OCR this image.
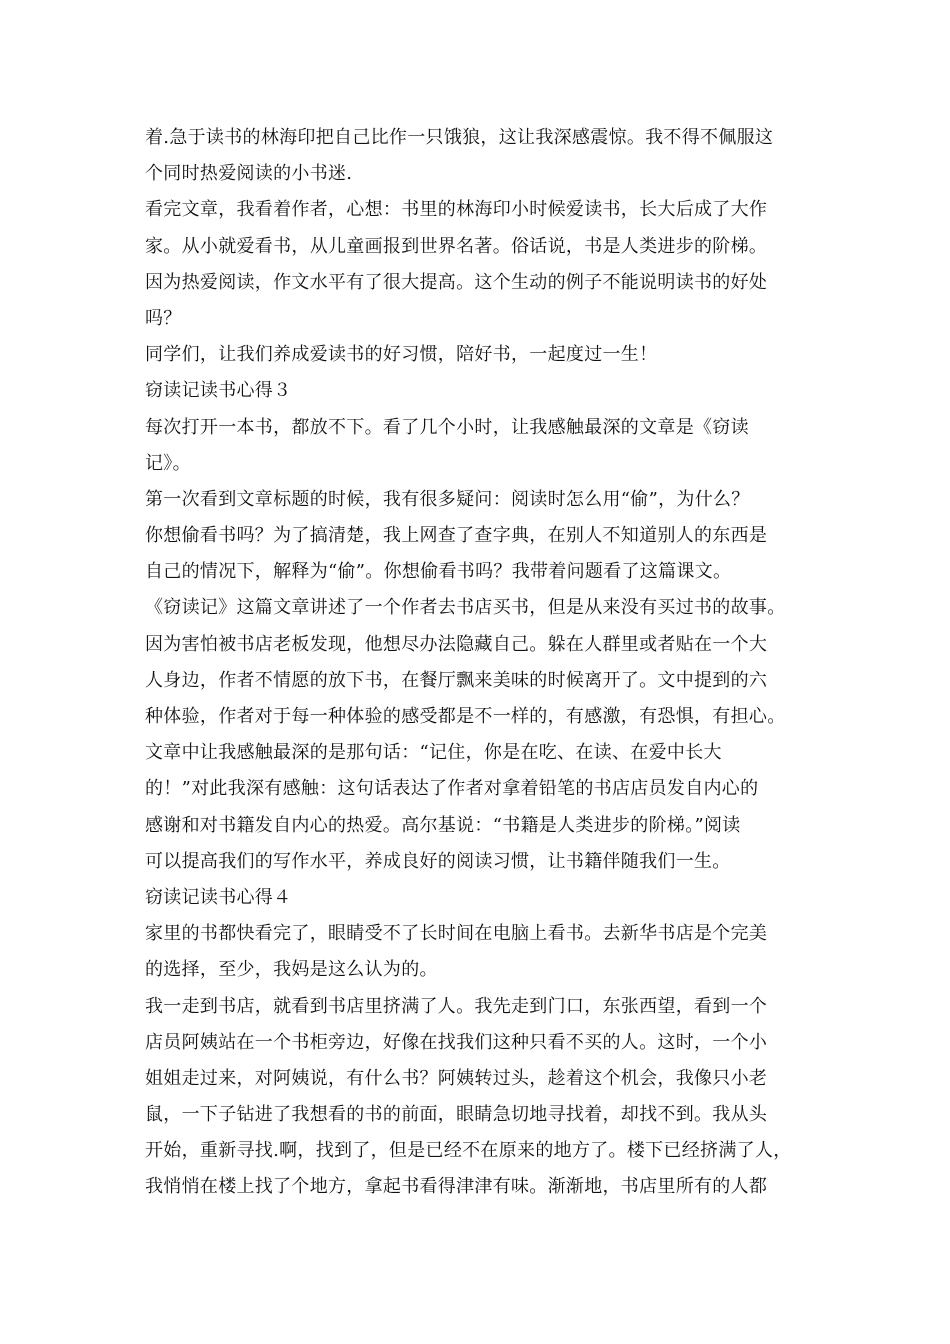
着.急于读书的林海印把自己比作一只饿狼，这让我深感震惊。我不得不佩服这
个同时热爱阅读的小书迷.
看完文章，我看着作者，心想：书里的林海印小时候爱读书，长大后成了大作
家。从小就爱看书，从儿童画报到世界名著。俗话说，书是人类进步的阶梯。
因为热爱阅读，作文水平有了很大提高。这个生动的例子不能说明读书的好处
吗？
同学们，让我们养成爱读书的好习惯，陪好书，一起度过一生！
窃读记读书心得３
每次打开一本书，都放不下。看了几个小时，让我感触最深的文章是《窃读
记》。
第一次看到文章标题的时候，我有很多疑问：阅读时怎么用“偷”，为什么？
你想偷看书吗？为了搞清楚，我上网查了查字典，在别人不知道别人的东西是
自己的情况下，解释为“偷”。你想偷看书吗？我带着问题看了这篇课文。
《窃读记》这篇文章讲述了一个作者去书店买书，但是从来没有买过书的故事。
因为害怕被书店老板发现，他想尽办法隐藏自己。躲在人群里或者贴在一个大
人身边，作者不情愿的放下书，在餐厅飘来美味的时候离开了。文中提到的六
种体验，作者对于每一种体验的感受都是不一样的，有感激，有恐惧，有担心。
文章中让我感触最深的是那句话：“记住，你是在吃、在读、在爱中长大
的！”对此我深有感触：这句话表达了作者对拿着铅笔的书店店员发自内心的
感谢和对书籍发自内心的热爱。高尔基说：“书籍是人类进步的阶梯。”阅读
可以提高我们的写作水平，养成良好的阅读习惯，让书籍伴随我们一生。
窃读记读书心得４
家里的书都快看完了，眼睛受不了长时间在电脑上看书。去新华书店是个完美
的选择，至少，我妈是这么认为的。
我一走到书店，就看到书店里挤满了人。我先走到门口，东张西望，看到一个
店员阿姨站在一个书柜旁边，好像在找我们这种只看不买的人。这时，一个小
姐姐走过来，对阿姨说，有什么书？阿姨转过头，趁着这个机会，我像只小老
鼠，一下子钻进了我想看的书的前面，眼睛急切地寻找着，却找不到。我从头
开始，重新寻找.啊，找到了，但是已经不在原来的地方了。楼下已经挤满了人，
我悄悄在楼上找了个地方，拿起书看得津津有味。渐渐地，书店里所有的人都
